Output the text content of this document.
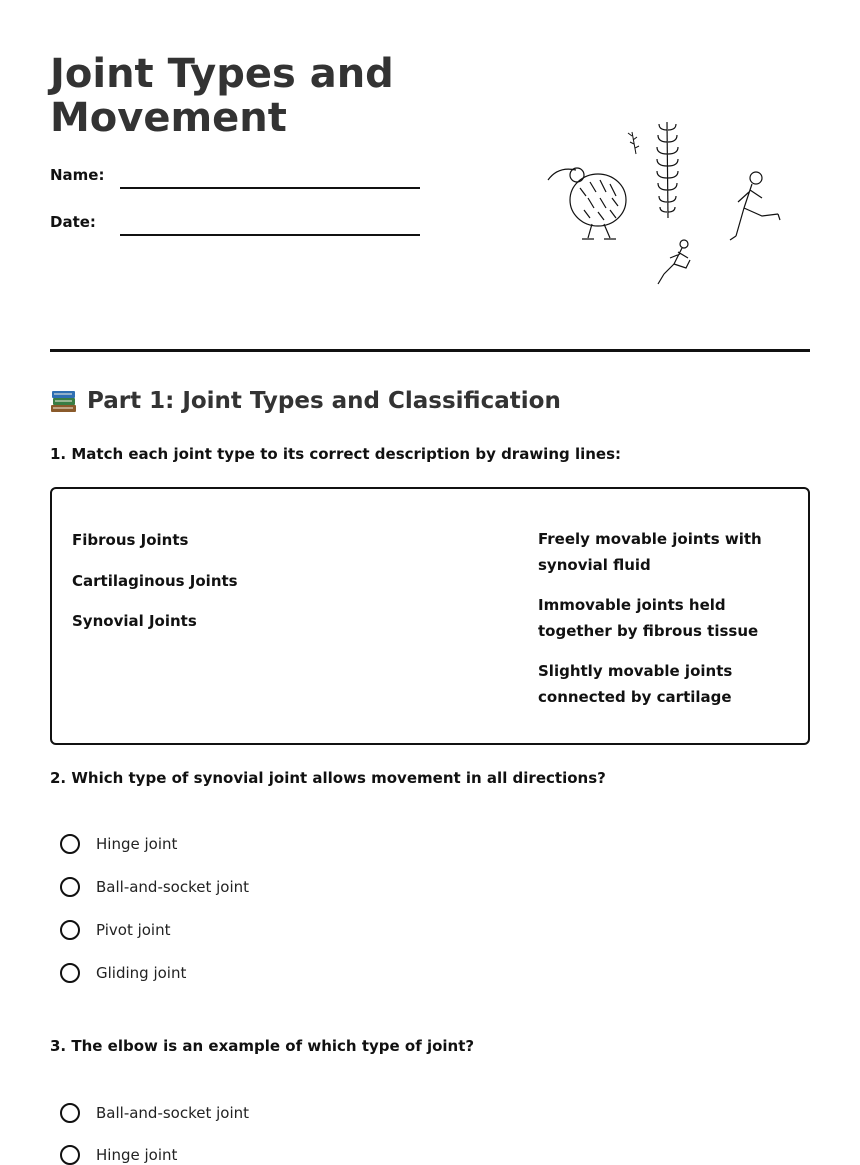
Joint Types and Movement
Name:
Date:
Part 1: Joint Types and Classification

1. Match each joint type to its correct description by drawing lines:

Fibrous Joints
Cartilaginous Joints
Synovial Joints
Freely movable joints with synovial fluid
Immovable joints held together by fibrous tissue
Slightly movable joints connected by cartilage

2. Which type of synovial joint allows movement in all directions?

Hinge joint
Ball-and-socket joint
Pivot joint
Gliding joint

3. The elbow is an example of which type of joint?

Ball-and-socket joint
Hinge joint
